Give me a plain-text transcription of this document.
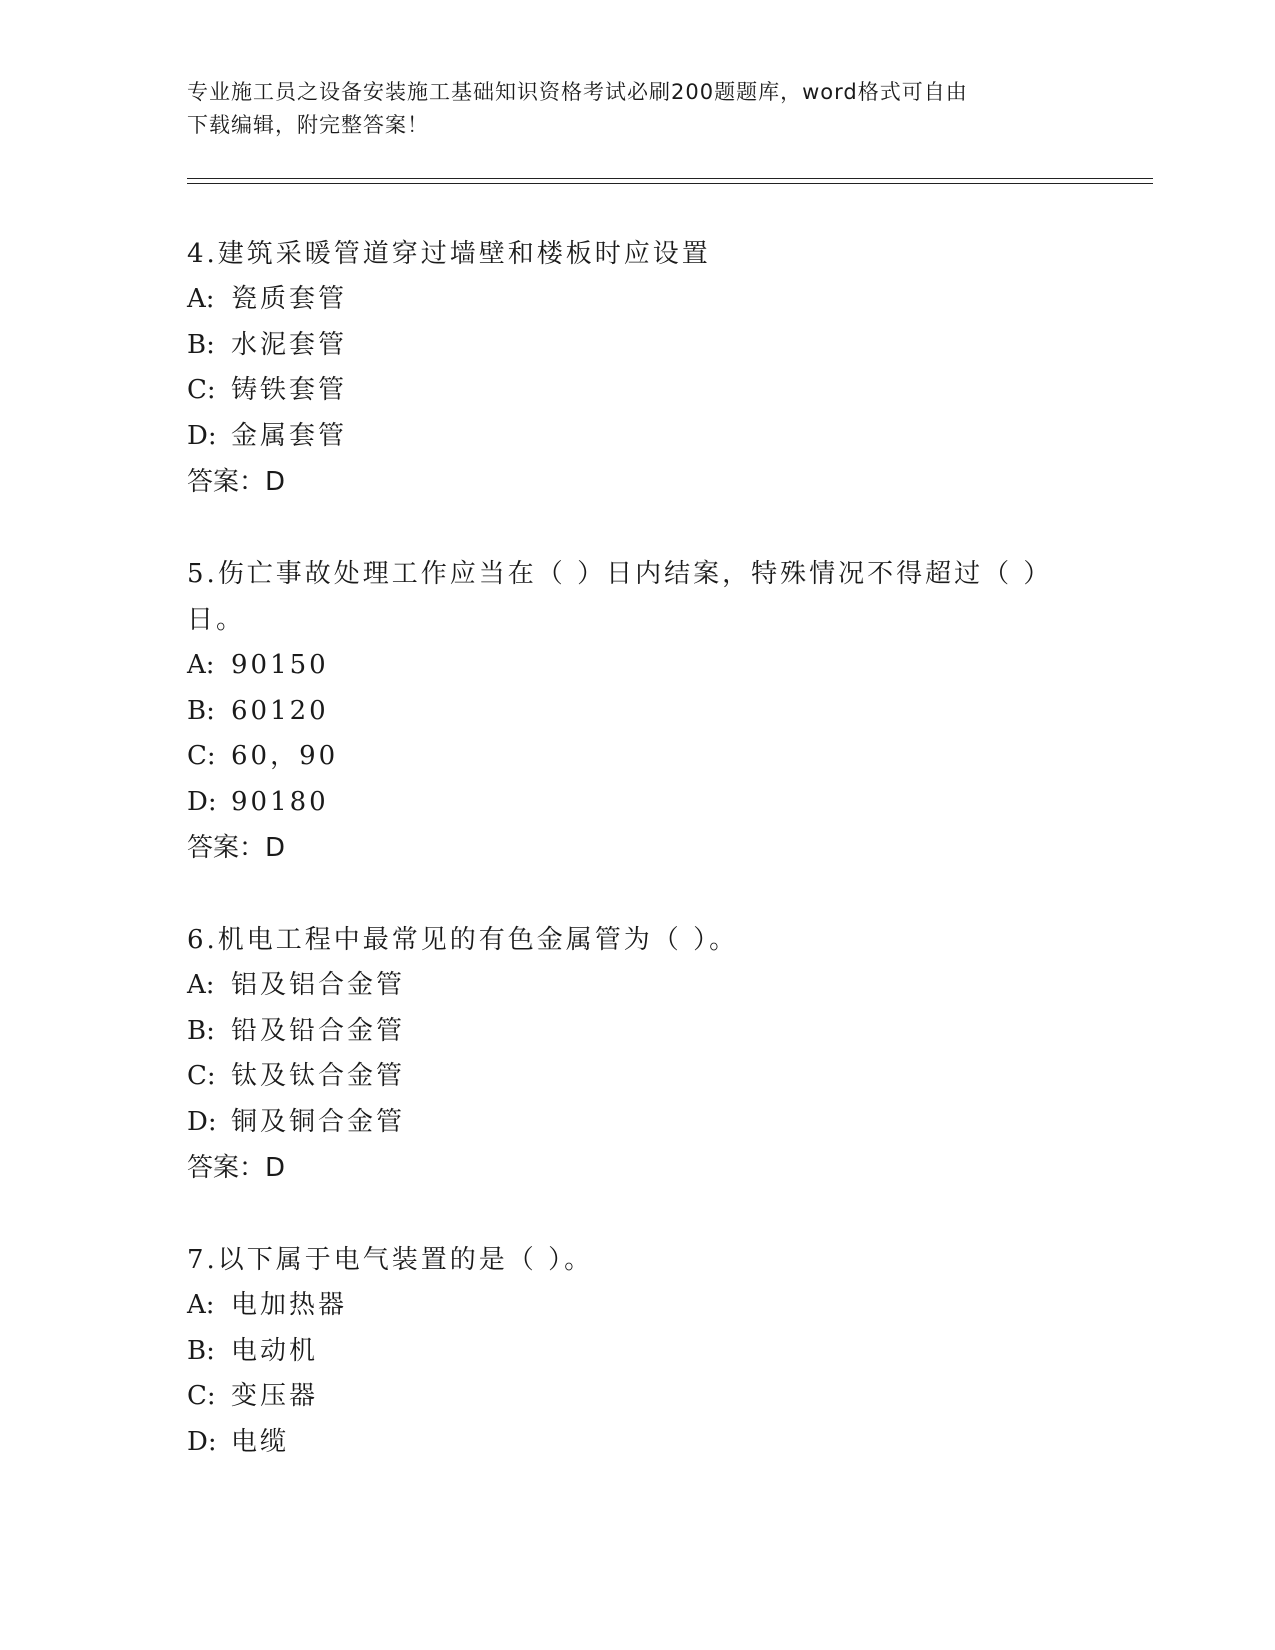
专业施工员之设备安装施工基础知识资格考试必刷200题题库，word格式可自由
下载编辑，附完整答案！
4.建筑采暖管道穿过墙壁和楼板时应设置
A: 瓷质套管
B: 水泥套管
C: 铸铁套管
D: 金属套管
答案：D
5.伤亡事故处理工作应当在（ ）日内结案，特殊情况不得超过（ ）日。
A: 90150
B: 60120
C: 60，90
D: 90180
答案：D
6.机电工程中最常见的有色金属管为（ ）。
A: 铝及铝合金管
B: 铅及铅合金管
C: 钛及钛合金管
D: 铜及铜合金管
答案：D
7.以下属于电气装置的是（ ）。
A: 电加热器
B: 电动机
C: 变压器
D: 电缆
